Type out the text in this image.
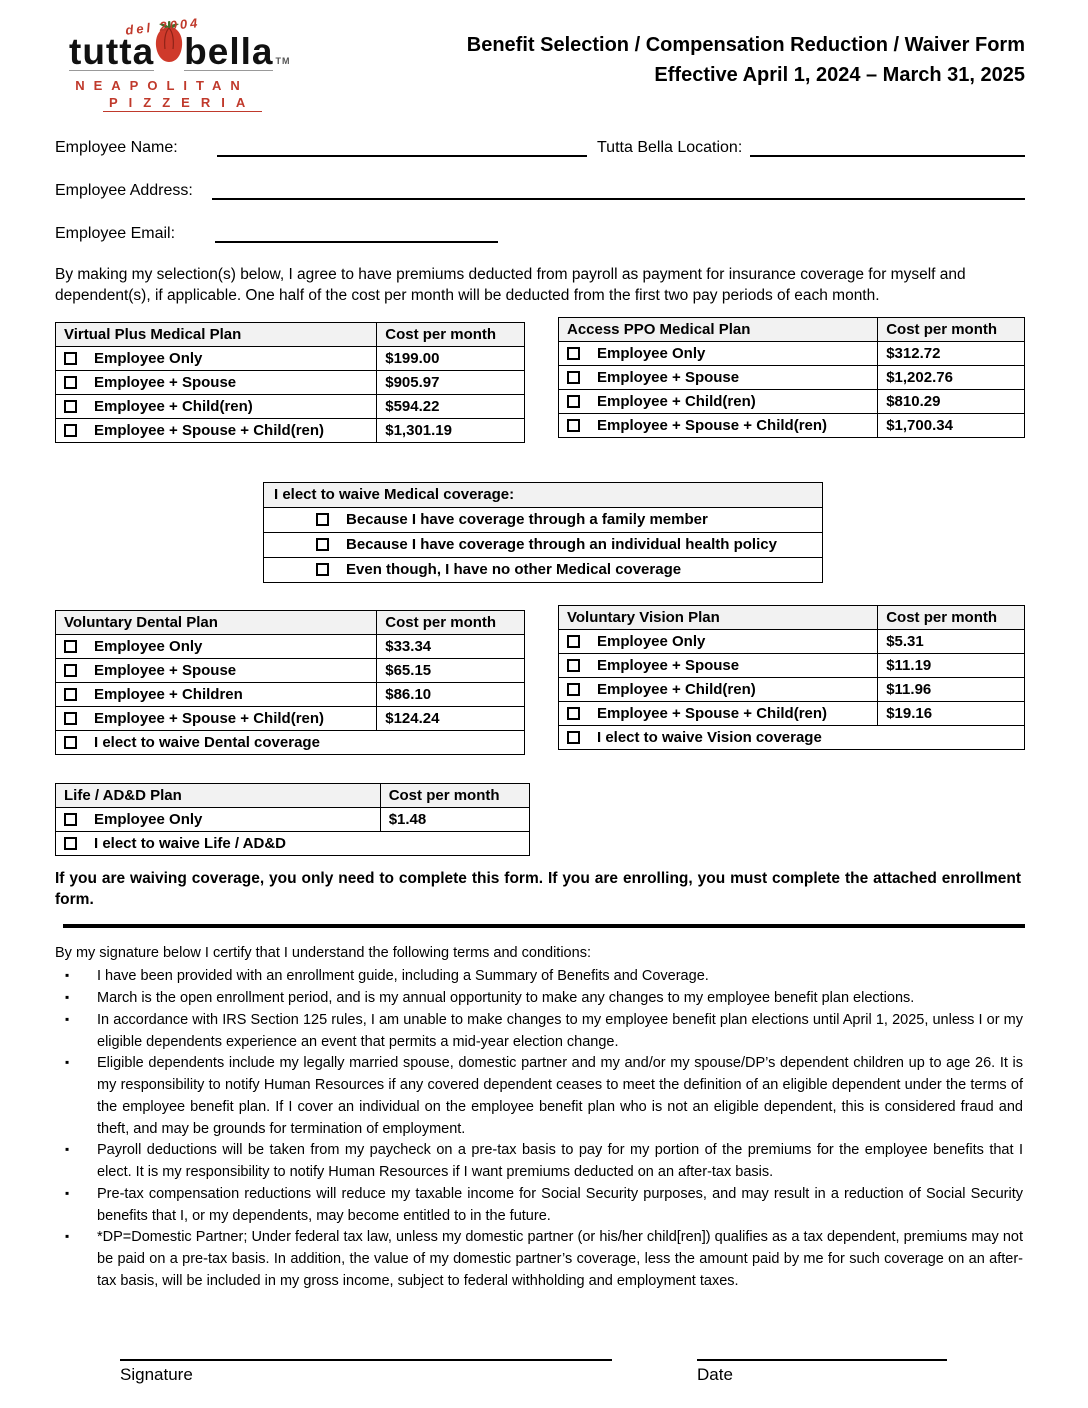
del 2004
tutta bella TM
NEAPOLITAN
PIZZERIA
Benefit Selection / Compensation Reduction / Waiver Form
Effective April 1, 2024 – March 31, 2025
Employee Name:	Tutta Bella Location:
Employee Address:
Employee Email:

By making my selection(s) below, I agree to have premiums deducted from payroll as payment for insurance coverage for myself and dependent(s), if applicable. One half of the cost per month will be deducted from the first two pay periods of each month.

Virtual Plus Medical Plan	Cost per month

Employee Only	$199.00

Employee + Spouse	$905.97

Employee + Child(ren)	$594.22

Employee + Spouse + Child(ren)	$1,301.19
Access PPO Medical Plan	Cost per month

Employee Only	$312.72

Employee + Spouse	$1,202.76

Employee + Child(ren)	$810.29

Employee + Spouse + Child(ren)	$1,700.34
I elect to waive Medical coverage:

Because I have coverage through a family member

Because I have coverage through an individual health policy

Even though, I have no other Medical coverage
Voluntary Dental Plan	Cost per month

Employee Only	$33.34

Employee + Spouse	$65.15

Employee + Children	$86.10

Employee + Spouse + Child(ren)	$124.24

I elect to waive Dental coverage	
Voluntary Vision Plan	Cost per month

Employee Only	$5.31

Employee + Spouse	$11.19

Employee + Child(ren)	$11.96

Employee + Spouse + Child(ren)	$19.16

I elect to waive Vision coverage	
Life / AD&D Plan	Cost per month

Employee Only	$1.48

I elect to waive Life / AD&D	

If you are waiving coverage, you only need to complete this form. If you are enrolling, you must complete the attached enrollment form.

By my signature below I certify that I understand the following terms and conditions:
▪ I have been provided with an enrollment guide, including a Summary of Benefits and Coverage.
▪ March is the open enrollment period, and is my annual opportunity to make any changes to my employee benefit plan elections.
▪ In accordance with IRS Section 125 rules, I am unable to make changes to my employee benefit plan elections until April 1, 2025, unless I or my eligible dependents experience an event that permits a mid-year election change.
▪ Eligible dependents include my legally married spouse, domestic partner and my and/or my spouse/DP’s dependent children up to age 26. It is my responsibility to notify Human Resources if any covered dependent ceases to meet the definition of an eligible dependent under the terms of the employee benefit plan. If I cover an individual on the employee benefit plan who is not an eligible dependent, this is considered fraud and theft, and may be grounds for termination of employment.
▪ Payroll deductions will be taken from my paycheck on a pre-tax basis to pay for my portion of the premiums for the employee benefits that I elect. It is my responsibility to notify Human Resources if I want premiums deducted on an after-tax basis.
▪ Pre-tax compensation reductions will reduce my taxable income for Social Security purposes, and may result in a reduction of Social Security benefits that I, or my dependents, may become entitled to in the future.
▪ *DP=Domestic Partner; Under federal tax law, unless my domestic partner (or his/her child[ren]) qualifies as a tax dependent, premiums may not be paid on a pre-tax basis. In addition, the value of my domestic partner’s coverage, less the amount paid by me for such coverage on an after-tax basis, will be included in my gross income, subject to federal withholding and employment taxes.
Signature	Date
